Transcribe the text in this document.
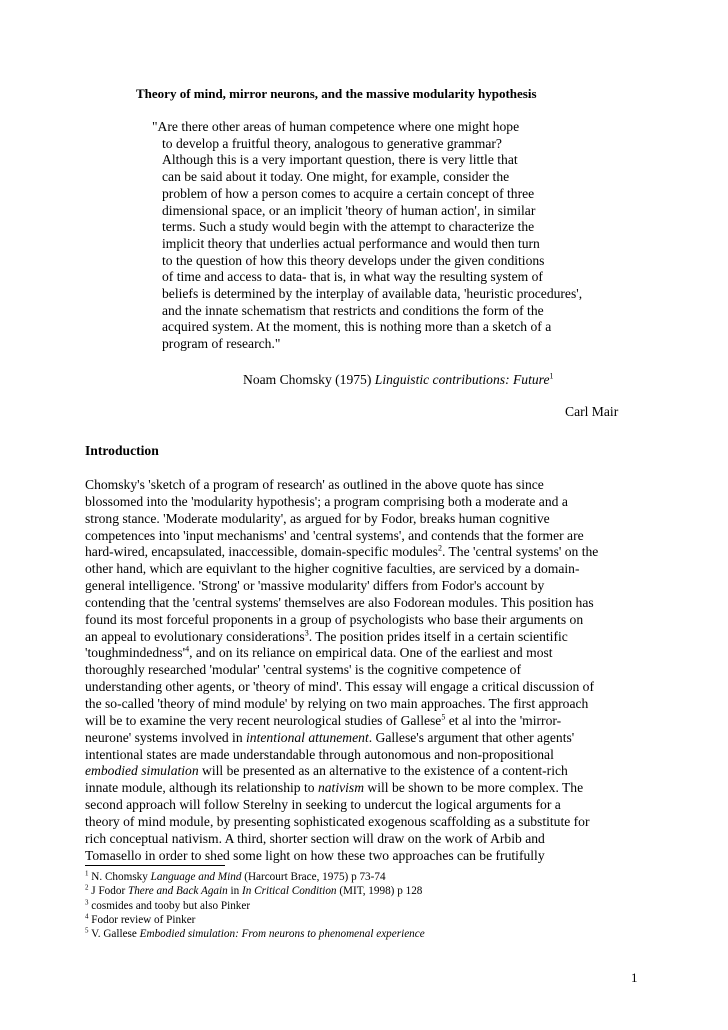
Theory of mind, mirror neurons, and the massive modularity hypothesis
"Are there other areas of human competence where one might hope
to develop a fruitful theory, analogous to generative grammar?
Although this is a very important question, there is very little that
can be said about it today. One might, for example, consider the
problem of how a person comes to acquire a certain concept of three
dimensional space, or an implicit 'theory of human action', in similar
terms. Such a study would begin with the attempt to characterize the
implicit theory that underlies actual performance and would then turn
to the question of how this theory develops under the given conditions
of time and access to data- that is, in what way the resulting system of
beliefs is determined by the interplay of available data, 'heuristic procedures',
and the innate schematism that restricts and conditions the form of the
acquired system. At the moment, this is nothing more than a sketch of a
program of research."
Noam Chomsky (1975) Linguistic contributions: Future$^1$
Carl Mair
Introduction
Chomsky's 'sketch of a program of research' as outlined in the above quote has since
blossomed into the 'modularity hypothesis'; a program comprising both a moderate and a
strong stance. 'Moderate modularity', as argued for by Fodor, breaks human cognitive
competences into 'input mechanisms' and 'central systems', and contends that the former are
hard-wired, encapsulated, inaccessible, domain-specific modules$^2$. The 'central systems' on the
other hand, which are equivlant to the higher cognitive faculties, are serviced by a domain-
general intelligence. 'Strong' or 'massive modularity' differs from Fodor's account by
contending that the 'central systems' themselves are also Fodorean modules. This position has
found its most forceful proponents in a group of psychologists who base their arguments on
an appeal to evolutionary considerations$^3$. The position prides itself in a certain scientific
'$toughmindedness'^4$, and on its reliance on empirical data. One of the earliest and most
thoroughly researched 'modular' 'central systems' is the cognitive competence of
understanding other agents, or 'theory of mind'. This essay will engage a critical discussion of
the so-called 'theory of mind module' by relying on two main approaches. The first approach
will be to examine the very recent neurological studies of Gallese$^5$ et al into the 'mirror-
neurone' systems involved in intentional attunement. Gallese's argument that other agents'
intentional states are made understandable through autonomous and non-propositional
embodied simulation will be presented as an alternative to the existence of a content-rich
innate module, although its relationship to nativism will be shown to be more complex. The
second approach will follow Sterelny in seeking to undercut the logical arguments for a
theory of mind module, by presenting sophisticated exogenous scaffolding as a substitute for
rich conceptual nativism. A third, shorter section will draw on the work of Arbib and
Tomasello in order to shed some light on how these two approaches can be frutifully
$^1$ N. Chomsky Language and Mind (Harcourt Brace, 1975) p 73-74
$^2$ J Fodor There and Back Again in In Critical Condition (MIT, 1998) p 128
$^3$ cosmides and tooby but also Pinker
$^4$ Fodor review of Pinker
$^5$ V. Gallese Embodied simulation: From neurons to phenomenal experience
1
